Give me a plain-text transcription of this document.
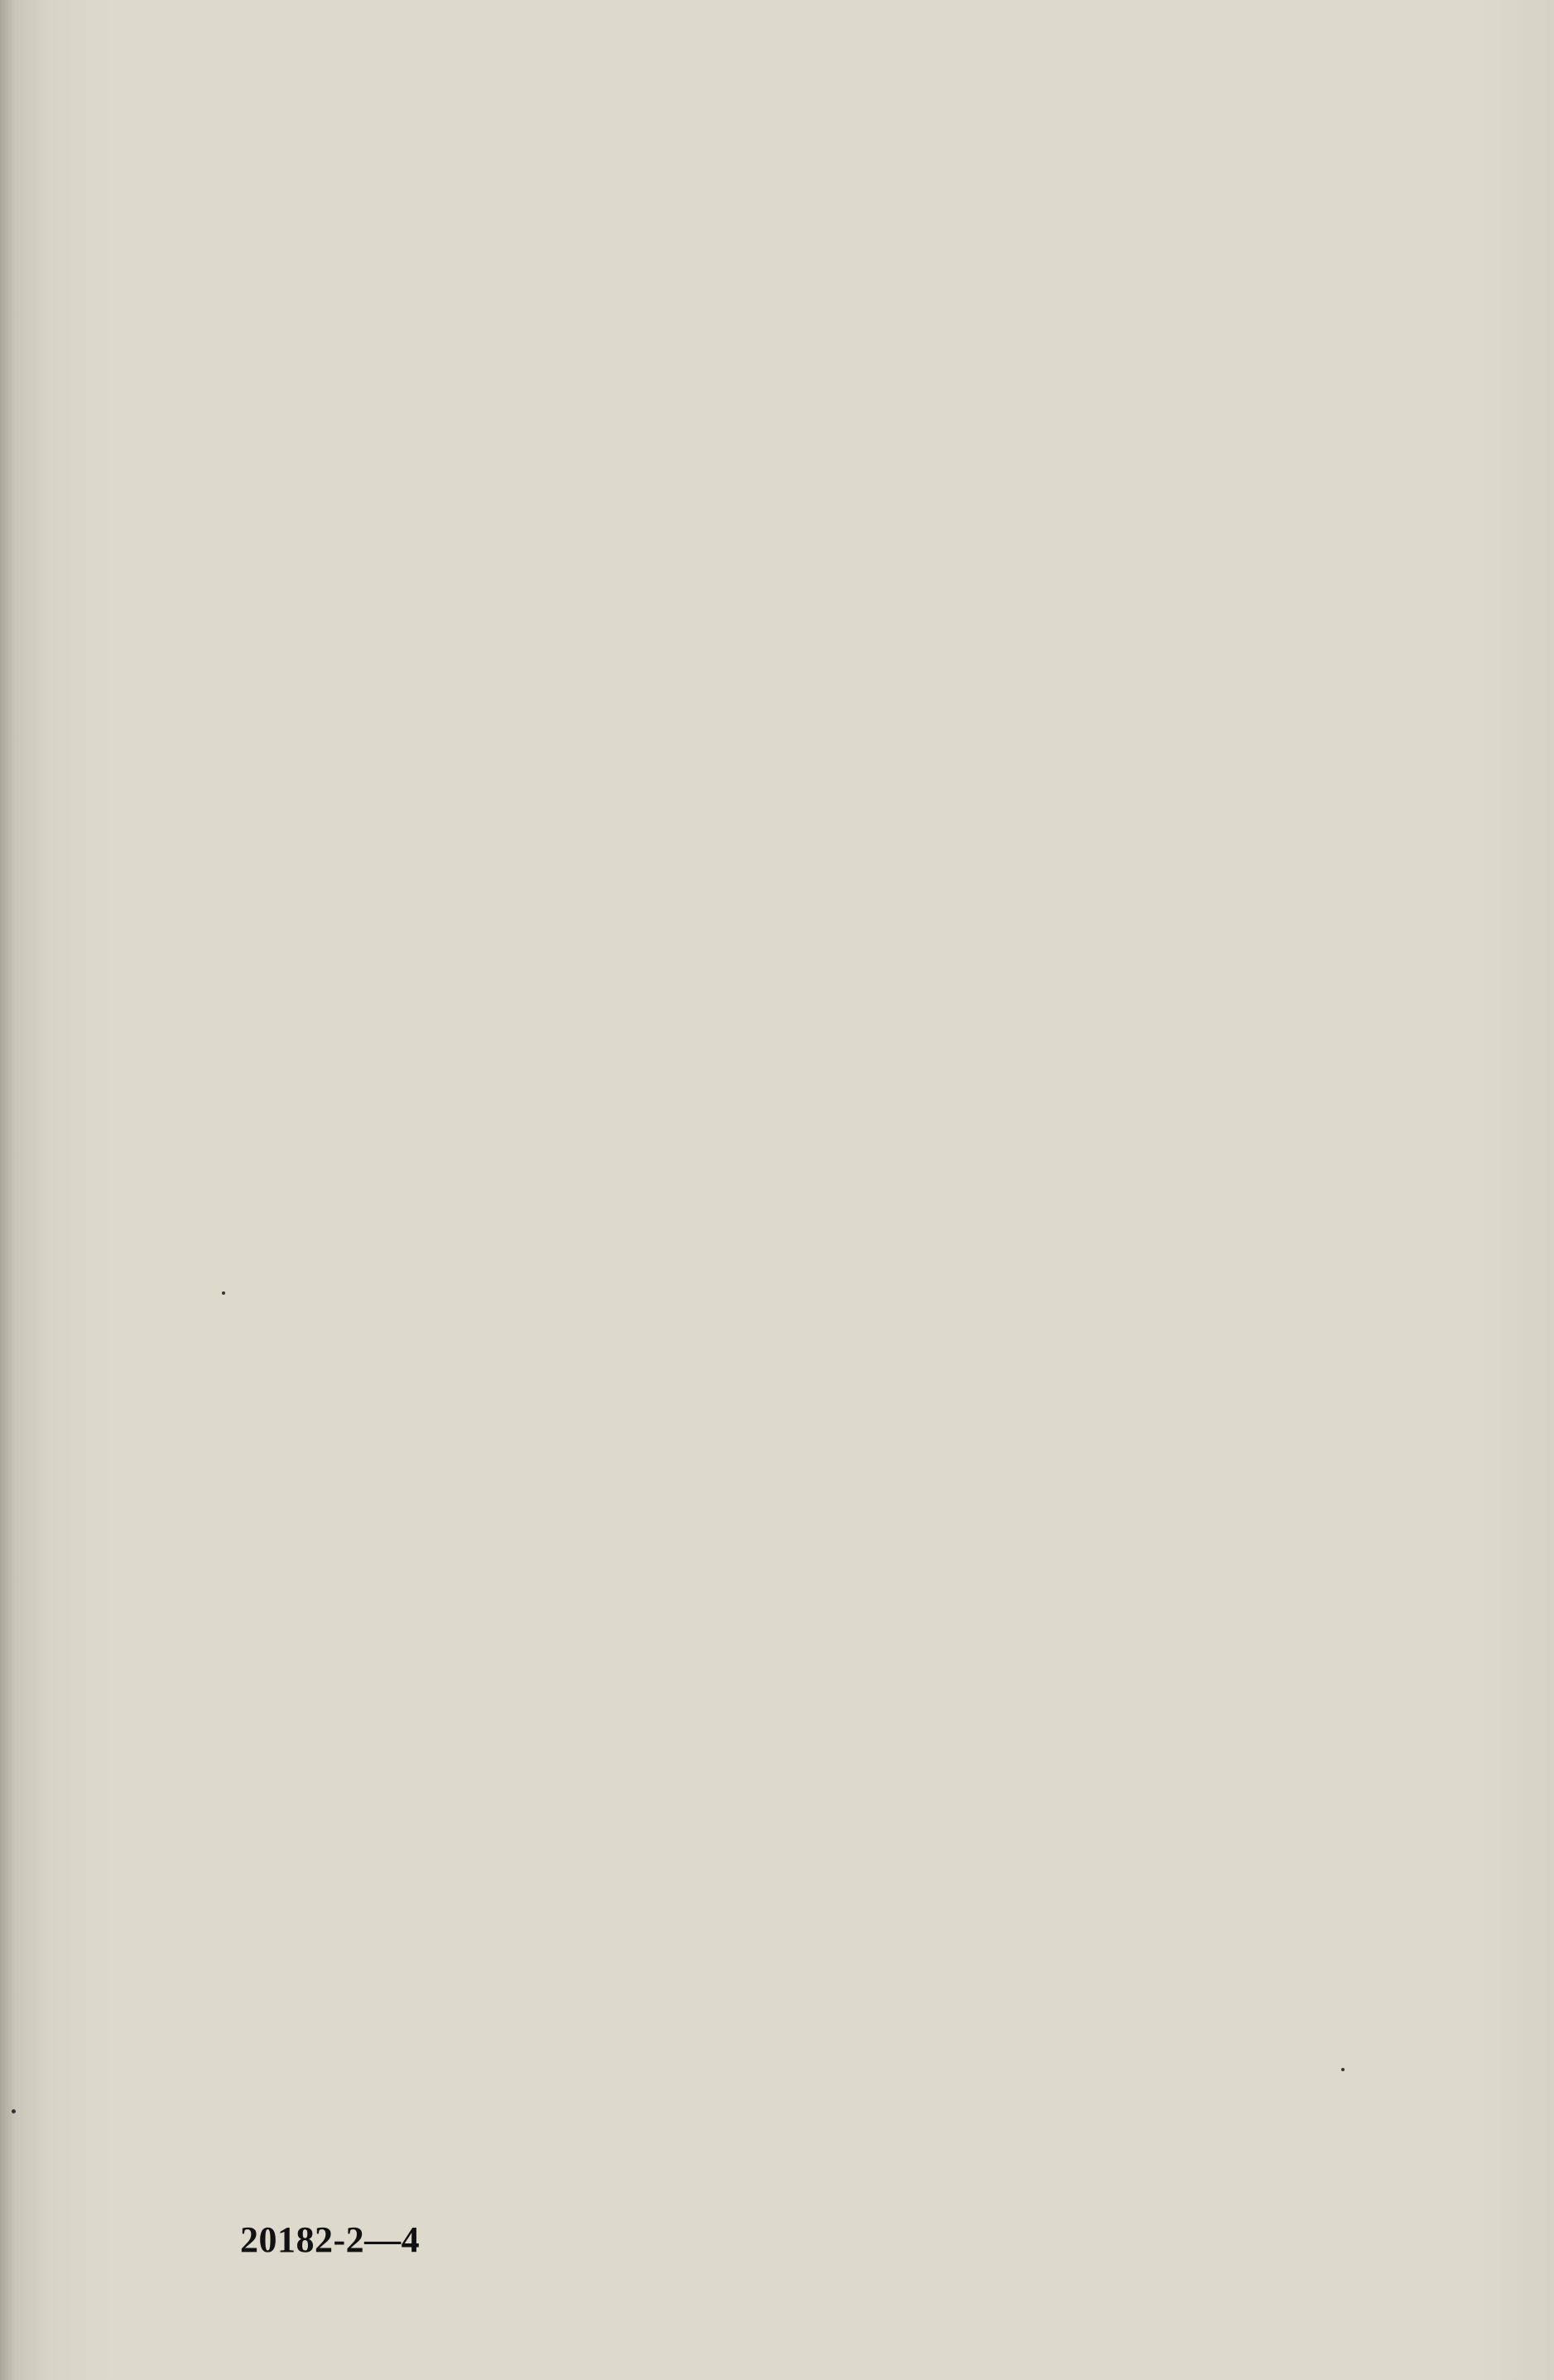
20182-2—4
